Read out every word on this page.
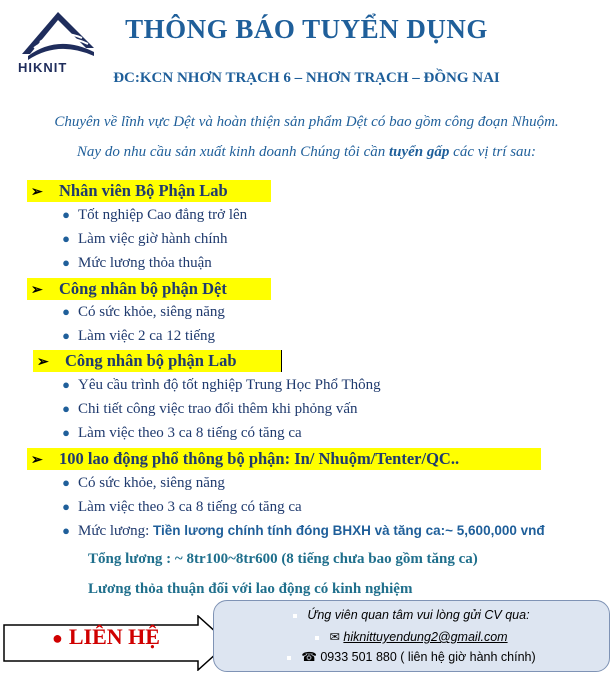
HIKNIT
THÔNG BÁO TUYỂN DỤNG
ĐC:KCN NHƠN TRẠCH 6 – NHƠN TRẠCH – ĐỒNG NAI
Chuyên về lĩnh vực Dệt và hoàn thiện sản phẩm Dệt có bao gồm công đoạn Nhuộm.
Nay do nhu cầu sản xuất kinh doanh Chúng tôi cần tuyển gấp các vị trí sau:
➢ Nhân viên Bộ Phận Lab
● Tốt nghiệp Cao đẳng trở lên
● Làm việc giờ hành chính
● Mức lương thỏa thuận
➢ Công nhân bộ phận Dệt
● Có sức khỏe, siêng năng
● Làm việc 2 ca 12 tiếng
➢ Công nhân bộ phận Lab
● Yêu cầu trình độ tốt nghiệp Trung Học Phổ Thông
● Chi tiết công việc trao đổi thêm khi phỏng vấn
● Làm việc theo 3 ca 8 tiếng có tăng ca
➢ 100 lao động phổ thông bộ phận: In/ Nhuộm/Tenter/QC..
● Có sức khỏe, siêng năng
● Làm việc theo 3 ca 8 tiếng có tăng ca
● Mức lương: Tiền lương chính tính đóng BHXH và tăng ca:~ 5,600,000 vnđ
Tổng lương : ~ 8tr100~8tr600 (8 tiếng chưa bao gồm tăng ca)
Lương thỏa thuận đối với lao động có kinh nghiệm
● LIÊN HỆ
Ứng viên quan tâm vui lòng gửi CV qua:
✉ hiknittuyendung2@gmail.com
☎ 0933 501 880 ( liên hệ giờ hành chính)
